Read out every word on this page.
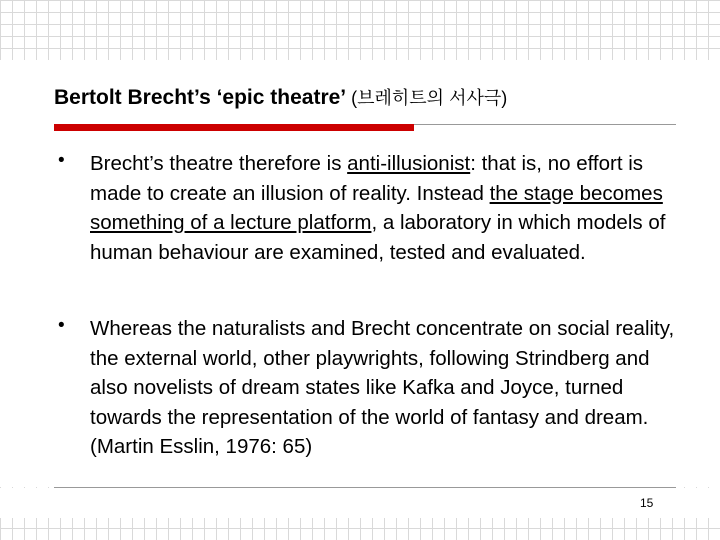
Bertolt Brecht’s ‘epic theatre’ (브레히트의 서사극)
• Brecht’s theatre therefore is anti-illusionist: that is, no effort is made to create an illusion of reality. Instead the stage becomes something of a lecture platform, a laboratory in which models of human behaviour are examined, tested and evaluated.
• Whereas the naturalists and Brecht concentrate on social reality, the external world, other playwrights, following Strindberg and also novelists of dream states like Kafka and Joyce, turned towards the representation of the world of fantasy and dream. (Martin Esslin, 1976: 65)
15
